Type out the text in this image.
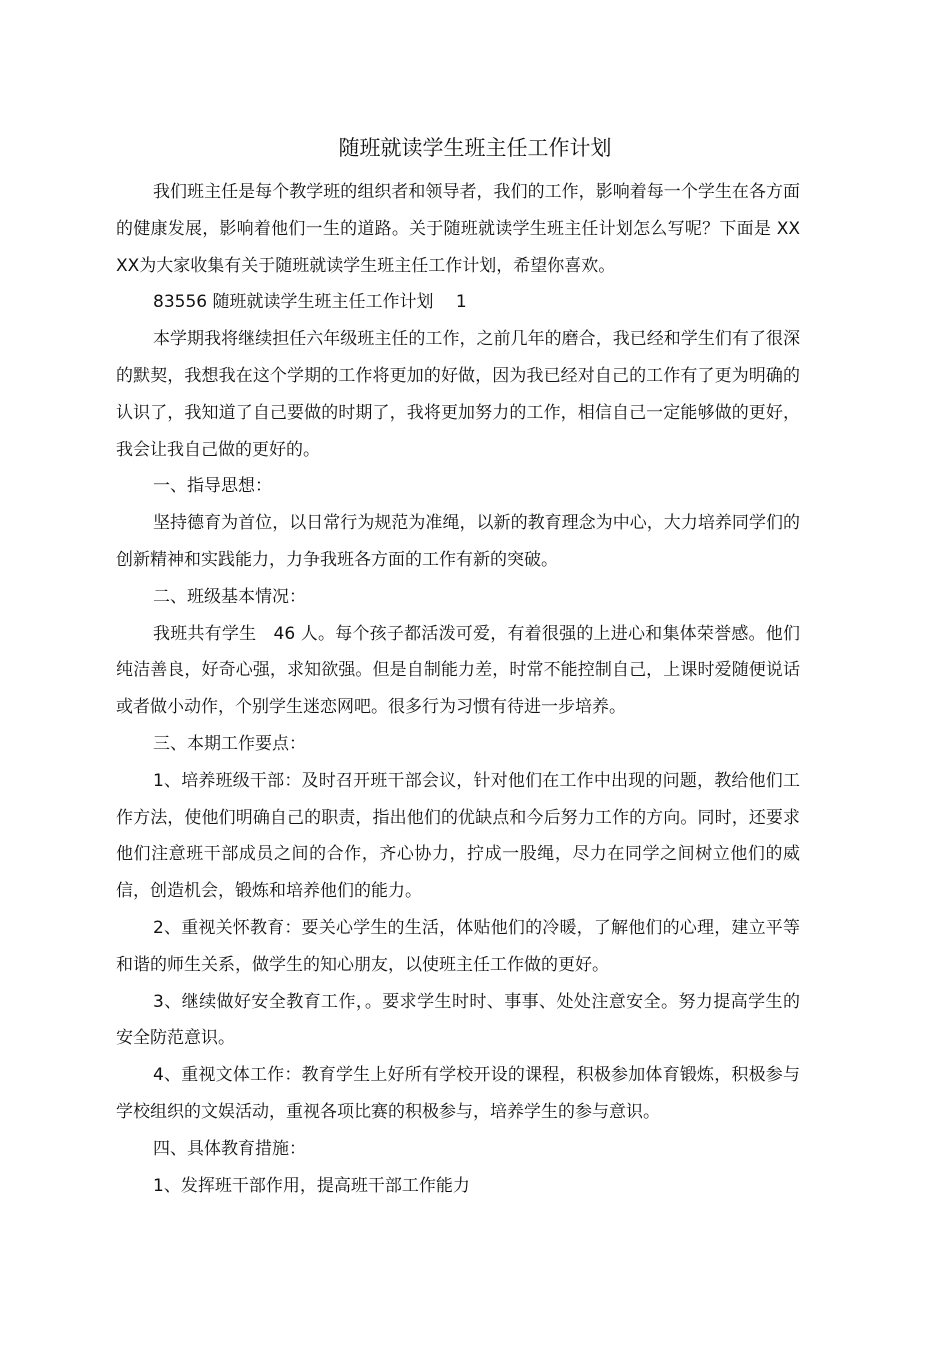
随班就读学生班主任工作计划

我们班主任是每个教学班的组织者和领导者，我们的工作，影响着每一个学生在各方面的健康发展，影响着他们一生的道路。关于随班就读学生班主任计划怎么写呢？下面是 XXXX为大家收集有关于随班就读学生班主任工作计划，希望你喜欢。

83556 随班就读学生班主任工作计划　 1

本学期我将继续担任六年级班主任的工作，之前几年的磨合，我已经和学生们有了很深的默契，我想我在这个学期的工作将更加的好做，因为我已经对自己的工作有了更为明确的认识了，我知道了自己要做的时期了，我将更加努力的工作，相信自己一定能够做的更好，我会让我自己做的更好的。

一、指导思想：

坚持德育为首位，以日常行为规范为准绳，以新的教育理念为中心，大力培养同学们的创新精神和实践能力，力争我班各方面的工作有新的突破。

二、班级基本情况：

我班共有学生　46 人。每个孩子都活泼可爱，有着很强的上进心和集体荣誉感。他们纯洁善良，好奇心强，求知欲强。但是自制能力差，时常不能控制自己，上课时爱随便说话或者做小动作，个别学生迷恋网吧。很多行为习惯有待进一步培养。

三、本期工作要点：

1、培养班级干部：及时召开班干部会议，针对他们在工作中出现的问题，教给他们工作方法，使他们明确自己的职责，指出他们的优缺点和今后努力工作的方向。同时，还要求他们注意班干部成员之间的合作，齐心协力，拧成一股绳，尽力在同学之间树立他们的威信，创造机会，锻炼和培养他们的能力。

2、重视关怀教育：要关心学生的生活，体贴他们的冷暖，了解他们的心理，建立平等和谐的师生关系，做学生的知心朋友，以使班主任工作做的更好。

3、继续做好安全教育工作，。要求学生时时、事事、处处注意安全。努力提高学生的安全防范意识。

4、重视文体工作：教育学生上好所有学校开设的课程，积极参加体育锻炼，积极参与学校组织的文娱活动，重视各项比赛的积极参与，培养学生的参与意识。

四、具体教育措施：

1、发挥班干部作用，提高班干部工作能力
